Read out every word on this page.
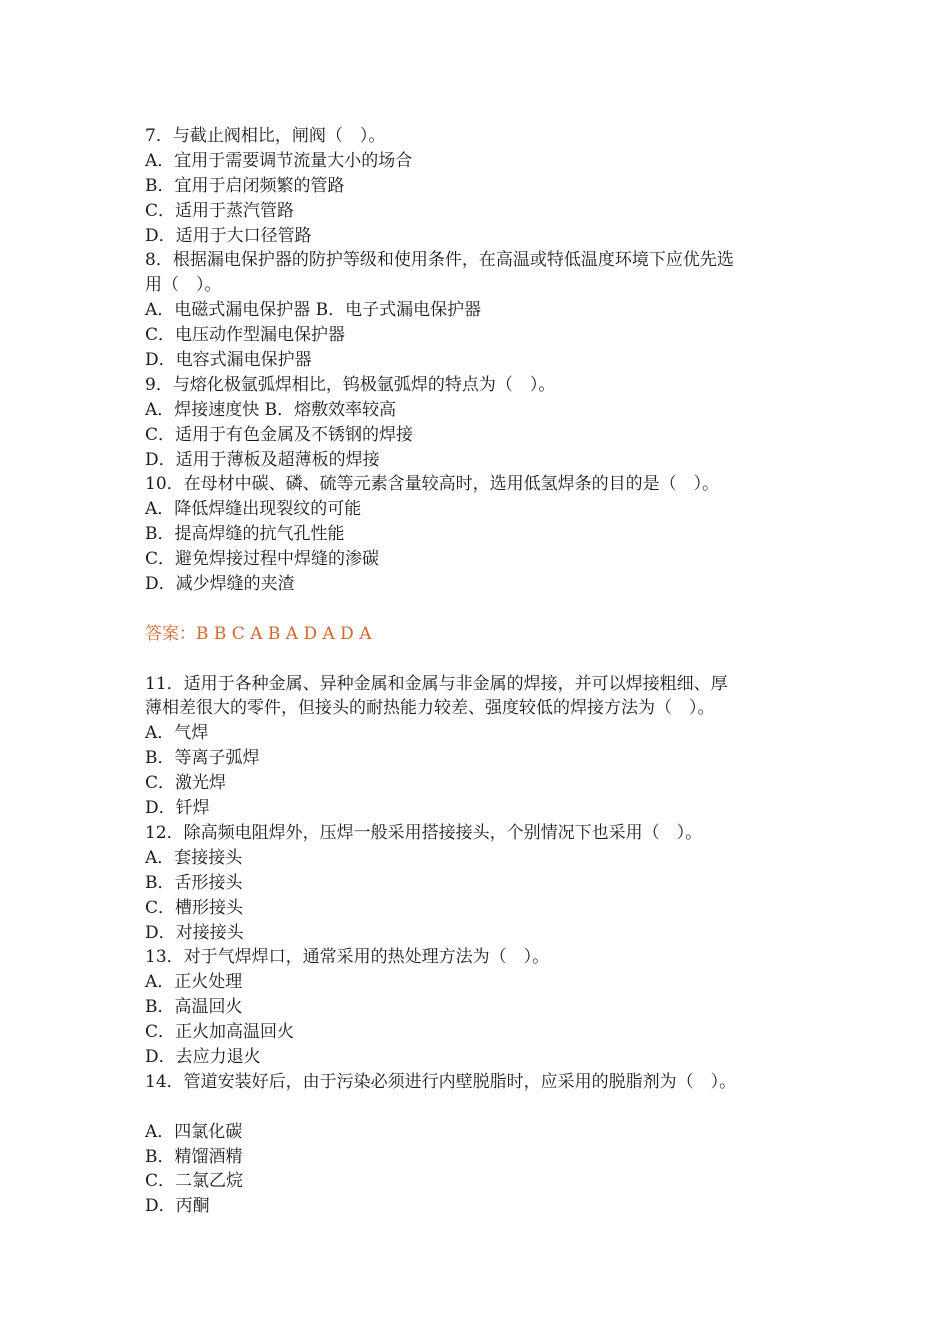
7．与截止阀相比，闸阀（　）。
A．宜用于需要调节流量大小的场合
B．宜用于启闭频繁的管路
C．适用于蒸汽管路
D．适用于大口径管路
8．根据漏电保护器的防护等级和使用条件，在高温或特低温度环境下应优先选
用（　）。
A．电磁式漏电保护器 B．电子式漏电保护器
C．电压动作型漏电保护器
D．电容式漏电保护器
9．与熔化极氩弧焊相比，钨极氩弧焊的特点为（　）。
A．焊接速度快 B．熔敷效率较高
C．适用于有色金属及不锈钢的焊接
D．适用于薄板及超薄板的焊接
10．在母材中碳、磷、硫等元素含量较高时，选用低氢焊条的目的是（　）。
A．降低焊缝出现裂纹的可能
B．提高焊缝的抗气孔性能
C．避免焊接过程中焊缝的渗碳
D．减少焊缝的夹渣
答案：B B C A B A D A D A
11．适用于各种金属、异种金属和金属与非金属的焊接，并可以焊接粗细、厚
薄相差很大的零件，但接头的耐热能力较差、强度较低的焊接方法为（　）。
A．气焊
B．等离子弧焊
C．激光焊
D．钎焊
12．除高频电阻焊外，压焊一般采用搭接接头，个别情况下也采用（　）。
A．套接接头
B．舌形接头
C．槽形接头
D．对接接头
13．对于气焊焊口，通常采用的热处理方法为（　）。
A．正火处理
B．高温回火
C．正火加高温回火
D．去应力退火
14．管道安装好后，由于污染必须进行内壁脱脂时，应采用的脱脂剂为（　）。
A．四氯化碳
B．精馏酒精
C．二氯乙烷
D．丙酮
